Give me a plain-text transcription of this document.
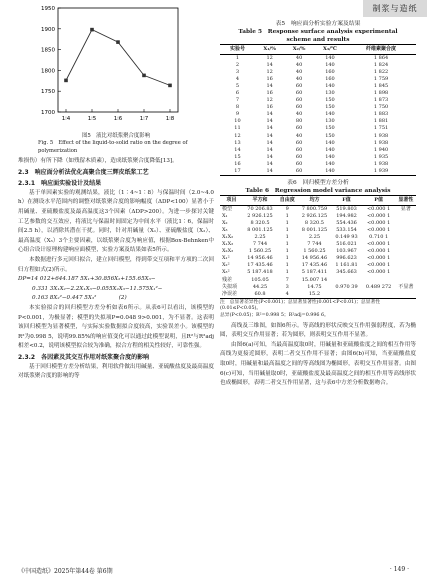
制浆与造纸
1700
1750
1800
1850
1900
1950
1∶4	1∶5	1∶6	1∶7	1∶8

图5　液比对纸浆聚合度影响

Fig. 5　Effect of the liquid-to-solid ratio on the degree of polymerization

堆损伤）有所下降（如残留木质素），造成纸浆聚合度降低[13]。

2.3　响应面分析法优化高聚合度三辉皮纸浆工艺

2.3.1　响应面实验设计及结果

基于单因素实验的观测结果，液比（1∶4~1∶8）与保温时间（2.0~4.0 h）在测设水平范围内的调整对纸浆聚合度的影响幅度（ΔDP<100）显著小于用碱量、亚硫酸盐度及最高温度这3个因素（ΔDP>200）。为进一步探讨关键工艺参数的交互效应，将液比与保温时间固定为中间水平（液比1∶6，保温时间2.5 h），以消除其潜在干扰。同时，针对用碱量（X₁）、亚硫酸盐度（X₂）、最高温度（X₃）3个主要因素，以纸浆聚合度为响应值，根据Box-Behnken中心组合设计原理构建响应面模型，实验方案及结果如表5所示。

本数据进行多元回归拟合，建立回归模型，得到带交互项和平方项的二次回归方程如式(2)所示。

DP=14 012+644.187 5X₁+30.856X₂+155.65X₃−

0.331 3X₁X₂−2.2X₁X₃−0.055X₂X₃−11.575X₁²−

0.163 8X₂²−0.447 5X₃²　　　　(2)

本实验拟合的回归模型方差分析如表6所示。从表6可以看出，该模型的P<0.001，为极显著；模型的失拟项P=0.048 9>0.001，为不显著。这表明该回归模型为显著模型，与实际实验数据拟合度较高，实验误差小。该模型的R²为0.998 5，说明99.85%的响应值变化可以通过此模型说明，且R²与R²adj相差<0.2，说明该模型拟合较为准确，拟合方程的相关性较好，可靠性强。

2.3.2　各因素及其交互作用对纸浆聚合度的影响

基于回归模型方差分析结果，利用软件做出用碱量、亚硫酸盐度及最高温度对纸浆聚合度的影响的等

表5　响应面分析实验方案及结果

Table 5　Response surface analysis experimental

scheme and results

实验号	X₁/%	X₂/%	X₃/℃	纤维素聚合度
1	12	40	140	1 864
2	14	40	140	1 824
3	12	40	160	1 822
4	16	40	160	1 759
5	14	60	140	1 845
6	16	60	130	1 898
7	12	60	150	1 873
8	16	60	150	1 750
9	14	40	140	1 883
10	14	80	130	1 881
11	14	60	150	1 751
12	14	40	150	1 938
13	14	60	140	1 938
14	14	60	140	1 940
15	14	60	140	1 935
16	14	60	140	1 938
17	14	60	140	1 939

表6　回归模型方差分析

Table 6　Regression model variance analysis

项目	平方和	自由度	均方	F值	P值	显著性
模型	70 206.83	9	7 800.759	519.803	<0.000 1	显著
X₁	2 926.125	1	2 926.125	194.982	<0.000 1	
X₂	8 320.5	1	8 320.5	554.436	<0.000 1	
X₃	8 001.125	1	8 001.125	533.154	<0.000 1	
X₁X₂	2.25	1	2.25	0.149 93	0.710 1	
X₁X₃	7 744	1	7 744	516.021	<0.000 1	
X₂X₃	1 560.25	1	1 560.25	103.967	<0.000 1	
X₁²	14 956.46	1	14 956.46	996.623	<0.000 1	
X₂²	17 435.46	1	17 435.46	1 161.81	<0.000 1	
X₃²	5 187.418	1	5 187.411	345.663	<0.000 1	
残差	105.05	7	15.007 14			
失拟项	44.25	3	14.75	0.970 39	0.489 272	不显著
净误差	60.8	4	15.2			

注　总显著差异性(P<0.001)；总显著显著性(0.001<P<0.01)；总显著性(0.01≤P<0.05)。
总异(P<0.05)；R²=0.998 5；R²adj=0.996 6。

高线及三维图，如图6所示。等高线的形状反映交互作用强弱程度，若为椭圆，表明交互作用显著；若为圆形，则表明交互作用不显著。

由图6(a)可知，当最高温度取0时，用碱量和亚硫酸盐度之间的相互作用等高线为更接近圆形，表明二者交互作用不显著；由图6(b)可知，当亚硫酸盐度取0时，用碱量和最高温度之间的等高线图为椭圆形，表明交互作用显著。由图6(c)可知，当用碱量取0时，亚硫酸盐度及最高温度之间的相互作用等高线形状也成椭圆形，表明二者交互作用显著，这与表6中方差分析数据吻合。

《中国造纸》2025年第44卷 第6期	· 149 ·
